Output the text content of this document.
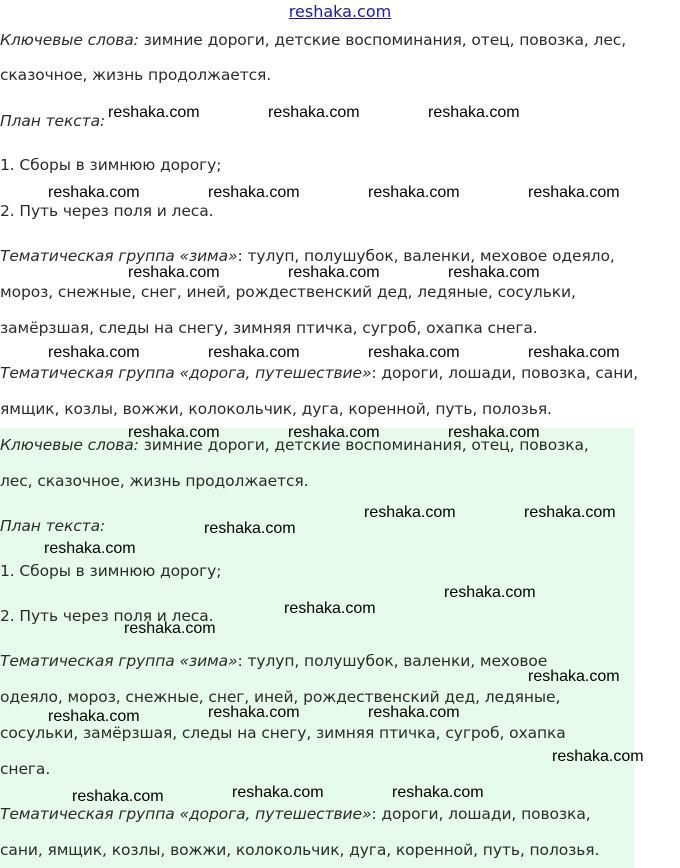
reshaka.com
Ключевые слова: зимние дороги, детские воспоминания, отец, повозка, лес,
сказочное, жизнь продолжается.
План текста:
1. Сборы в зимнюю дорогу;
2. Путь через поля и леса.
Тематическая группа «зима»: тулуп, полушубок, валенки, меховое одеяло,
мороз, снежные, снег, иней, рождественский дед, ледяные, сосульки,
замёрзшая, следы на снегу, зимняя птичка, сугроб, охапка снега.
Тематическая группа «дорога, путешествие»: дороги, лошади, повозка, сани,
ямщик, козлы, вожжи, колокольчик, дуга, коренной, путь, полозья.
Ключевые слова: зимние дороги, детские воспоминания, отец, повозка,
лес, сказочное, жизнь продолжается.
План текста:
1. Сборы в зимнюю дорогу;
2. Путь через поля и леса.
Тематическая группа «зима»: тулуп, полушубок, валенки, меховое
одеяло, мороз, снежные, снег, иней, рождественский дед, ледяные,
сосульки, замёрзшая, следы на снегу, зимняя птичка, сугроб, охапка
снега.
Тематическая группа «дорога, путешествие»: дороги, лошади, повозка,
сани, ямщик, козлы, вожжи, колокольчик, дуга, коренной, путь, полозья.
reshaka.com	reshaka.com	reshaka.com
reshaka.com	reshaka.com	reshaka.com	reshaka.com
reshaka.com	reshaka.com	reshaka.com
reshaka.com	reshaka.com	reshaka.com	reshaka.com
reshaka.com	reshaka.com	reshaka.com
reshaka.com	reshaka.com
reshaka.com
reshaka.com
reshaka.com
reshaka.com
reshaka.com
reshaka.com
reshaka.com	reshaka.com
reshaka.com
reshaka.com
reshaka.com	reshaka.com
reshaka.com
